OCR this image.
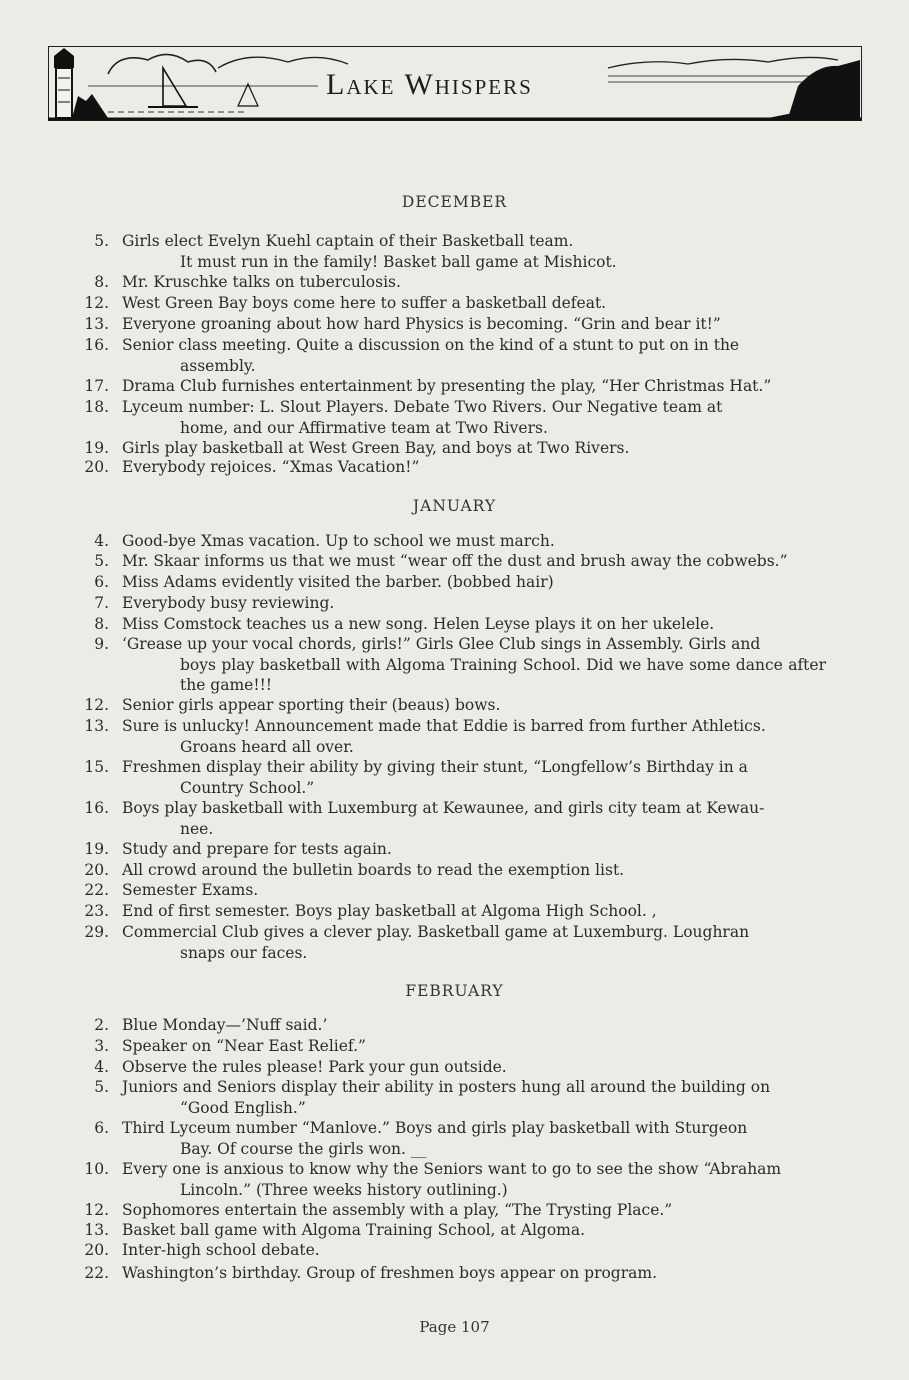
Lake Whispers
DECEMBER
5. Girls elect Evelyn Kuehl captain of their Basketball team.
It must run in the family! Basket ball game at Mishicot.
8. Mr. Kruschke talks on tuberculosis.
12. West Green Bay boys come here to suffer a basketball defeat.
13. Everyone groaning about how hard Physics is becoming. “Grin and bear it!”
16. Senior class meeting. Quite a discussion on the kind of a stunt to put on in the
assembly.
17. Drama Club furnishes entertainment by presenting the play, “Her Christmas Hat.”
18. Lyceum number: L. Slout Players. Debate Two Rivers. Our Negative team at
home, and our Affirmative team at Two Rivers.
19. Girls play basketball at West Green Bay, and boys at Two Rivers.
20. Everybody rejoices. “Xmas Vacation!”
JANUARY
4. Good-bye Xmas vacation. Up to school we must march.
5. Mr. Skaar informs us that we must “wear off the dust and brush away the cobwebs.”
6. Miss Adams evidently visited the barber. (bobbed hair)
7. Everybody busy reviewing.
8. Miss Comstock teaches us a new song. Helen Leyse plays it on her ukelele.
9. ‘Grease up your vocal chords, girls!” Girls Glee Club sings in Assembly. Girls and
boys play basketball with Algoma Training School. Did we have some dance after the game!!!
12. Senior girls appear sporting their (beaus) bows.
13. Sure is unlucky! Announcement made that Eddie is barred from further Athletics.
Groans heard all over.
15. Freshmen display their ability by giving their stunt, “Longfellow’s Birthday in a
Country School.”
16. Boys play basketball with Luxemburg at Kewaunee, and girls city team at Kewau-
nee.
19. Study and prepare for tests again.
20. All crowd around the bulletin boards to read the exemption list.
22. Semester Exams.
23. End of first semester. Boys play basketball at Algoma High School. ,
29. Commercial Club gives a clever play. Basketball game at Luxemburg. Loughran
snaps our faces.
FEBRUARY
2. Blue Monday—’Nuff said.’
3. Speaker on “Near East Relief.”
4. Observe the rules please! Park your gun outside.
5. Juniors and Seniors display their ability in posters hung all around the building on
“Good English.”
6. Third Lyceum number “Manlove.” Boys and girls play basketball with Sturgeon
Bay. Of course the girls won. __
10. Every one is anxious to know why the Seniors want to go to see the show “Abraham
Lincoln.” (Three weeks history outlining.)
12. Sophomores entertain the assembly with a play, “The Trysting Place.”
13. Basket ball game with Algoma Training School, at Algoma.
20. Inter-high school debate.
22. Washington’s birthday. Group of freshmen boys appear on program.
Page 107
